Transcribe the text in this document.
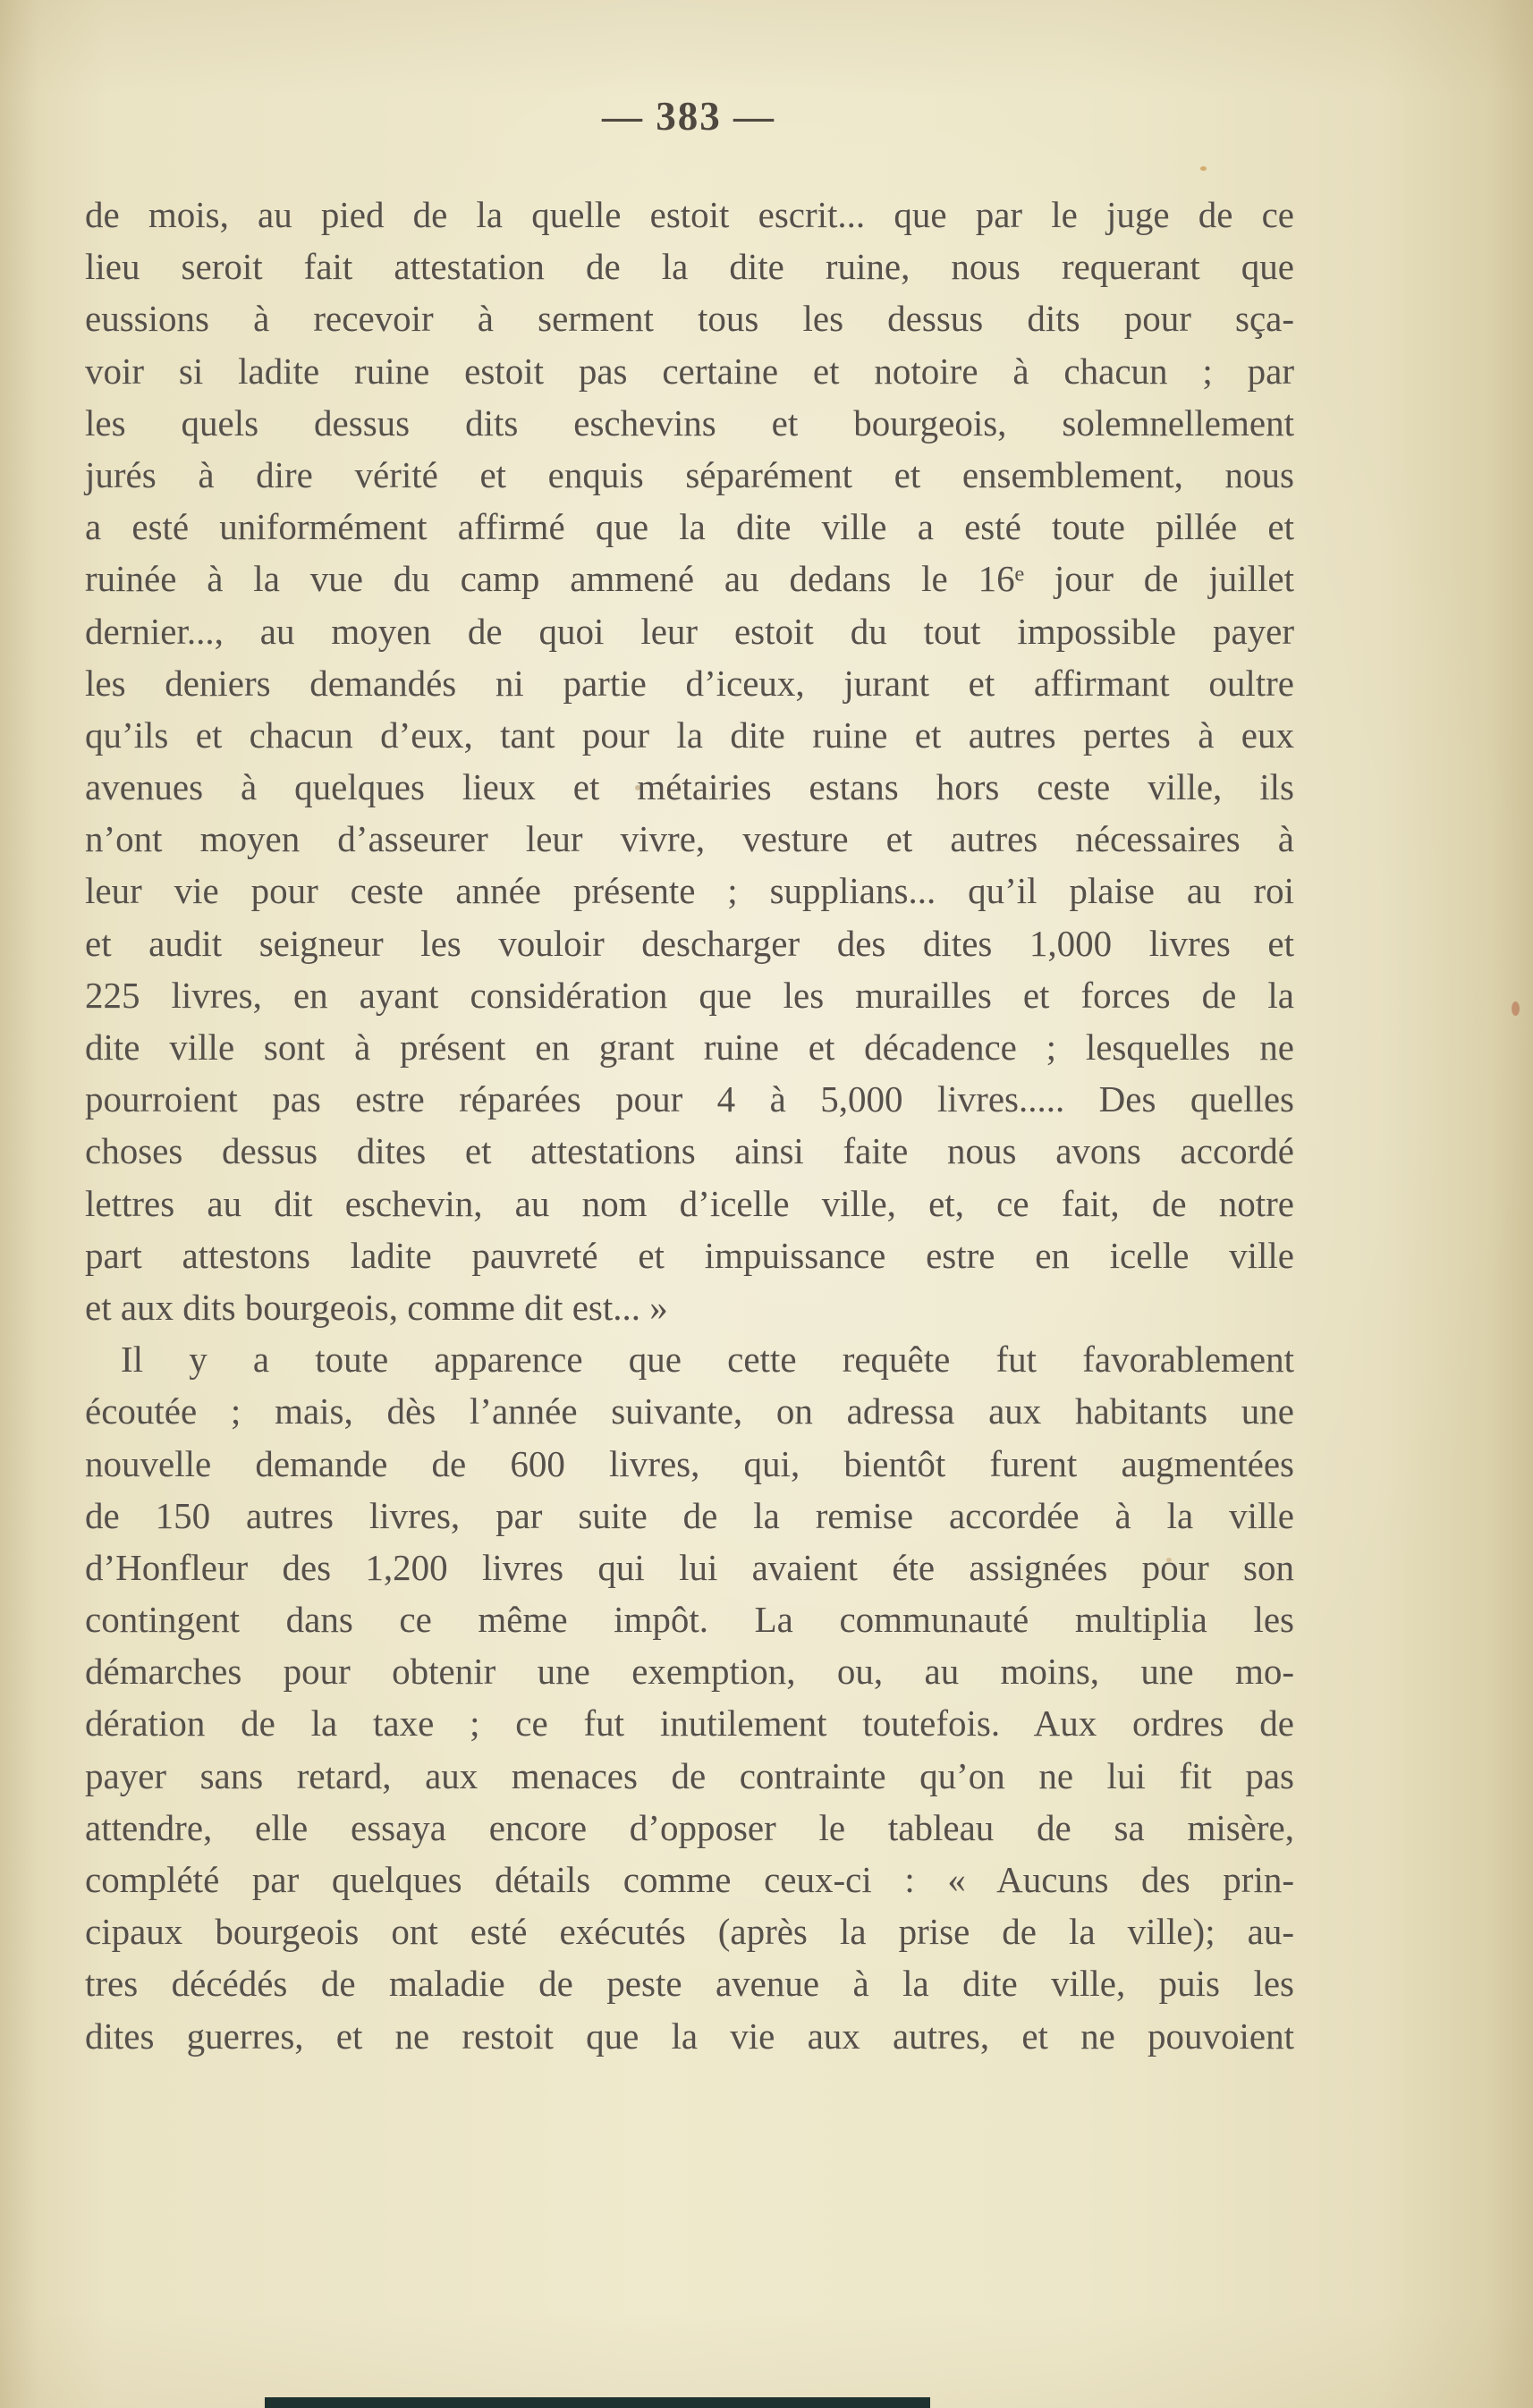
— 383 —
de mois, au pied de la quelle estoit escrit... que par le juge de ce
lieu seroit fait attestation de la dite ruine, nous requerant que
eussions à recevoir à serment tous les dessus dits pour sça-
voir si ladite ruine estoit pas certaine et notoire à chacun ; par
les quels dessus dits eschevins et bourgeois, solemnellement
jurés à dire vérité et enquis séparément et ensemblement, nous
a esté uniformément affirmé que la dite ville a esté toute pillée et
ruinée à la vue du camp ammené au dedans le 16ᵉ jour de juillet
dernier..., au moyen de quoi leur estoit du tout impossible payer
les deniers demandés ni partie d’iceux, jurant et affirmant oultre
qu’ils et chacun d’eux, tant pour la dite ruine et autres pertes à eux
avenues à quelques lieux et métairies estans hors ceste ville, ils
n’ont moyen d’asseurer leur vivre, vesture et autres nécessaires à
leur vie pour ceste année présente ; supplians... qu’il plaise au roi
et audit seigneur les vouloir descharger des dites 1,000 livres et
225 livres, en ayant considération que les murailles et forces de la
dite ville sont à présent en grant ruine et décadence ; lesquelles ne
pourroient pas estre réparées pour 4 à 5,000 livres..... Des quelles
choses dessus dites et attestations ainsi faite nous avons accordé
lettres au dit eschevin, au nom d’icelle ville, et, ce fait, de notre
part attestons ladite pauvreté et impuissance estre en icelle ville
et aux dits bourgeois, comme dit est... »
Il y a toute apparence que cette requête fut favorablement
écoutée ; mais, dès l’année suivante, on adressa aux habitants une
nouvelle demande de 600 livres, qui, bientôt furent augmentées
de 150 autres livres, par suite de la remise accordée à la ville
d’Honfleur des 1,200 livres qui lui avaient éte assignées pour son
contingent dans ce même impôt. La communauté multiplia les
démarches pour obtenir une exemption, ou, au moins, une mo-
dération de la taxe ; ce fut inutilement toutefois. Aux ordres de
payer sans retard, aux menaces de contrainte qu’on ne lui fit pas
attendre, elle essaya encore d’opposer le tableau de sa misère,
complété par quelques détails comme ceux-ci : « Aucuns des prin-
cipaux bourgeois ont esté exécutés (après la prise de la ville); au-
tres décédés de maladie de peste avenue à la dite ville, puis les
dites guerres, et ne restoit que la vie aux autres, et ne pouvoient
